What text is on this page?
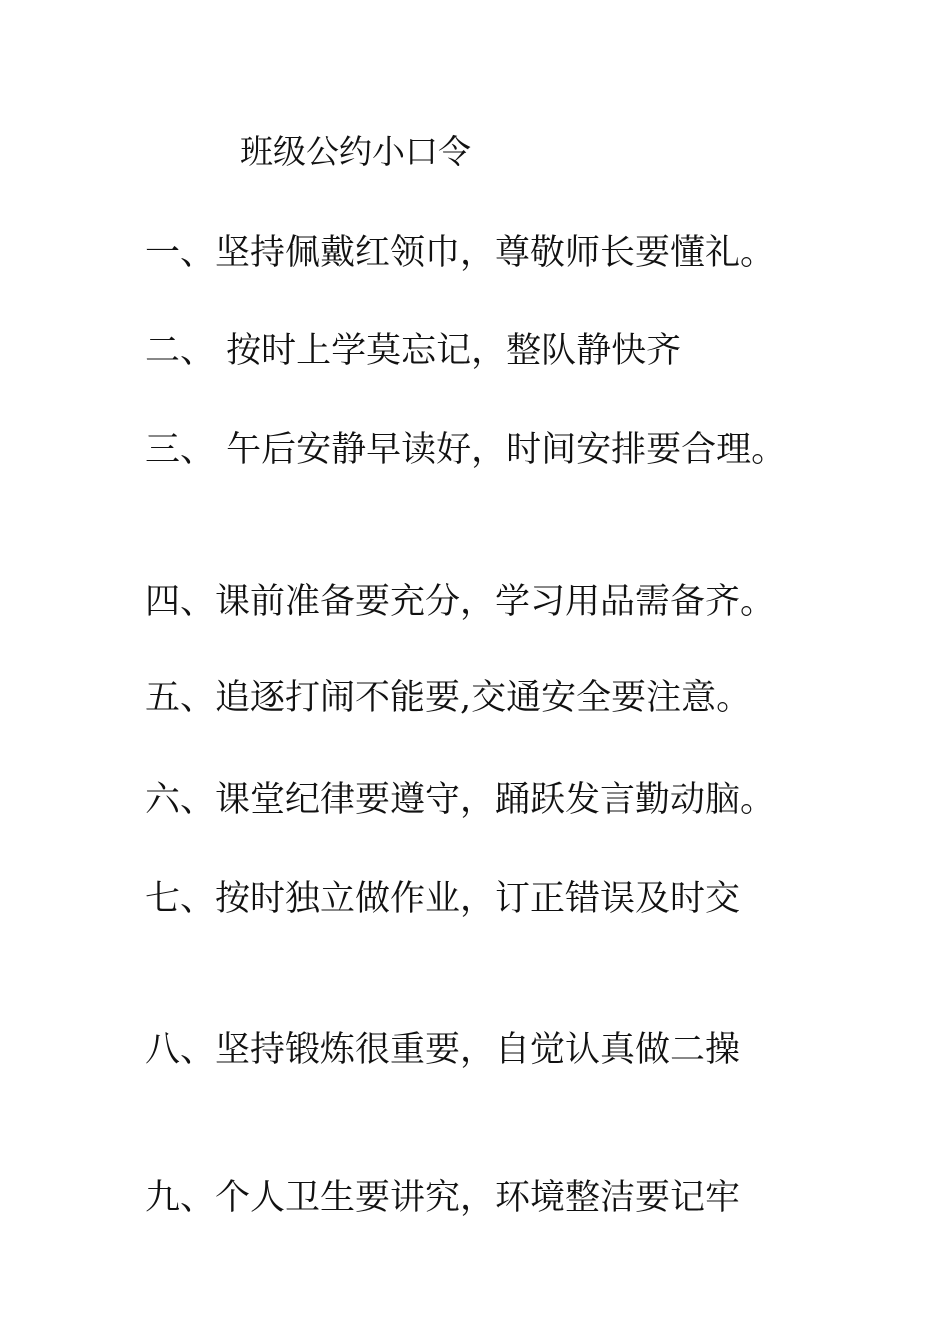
班级公约小口令
一、坚持佩戴红领巾，尊敬师长要懂礼。
二、 按时上学莫忘记，整队静快齐
三、 午后安静早读好，时间安排要合理。
四、课前准备要充分，学习用品需备齐。
五、追逐打闹不能要,交通安全要注意。
六、课堂纪律要遵守，踊跃发言勤动脑。
七、按时独立做作业，订正错误及时交
八、坚持锻炼很重要，自觉认真做二操
九、个人卫生要讲究，环境整洁要记牢
